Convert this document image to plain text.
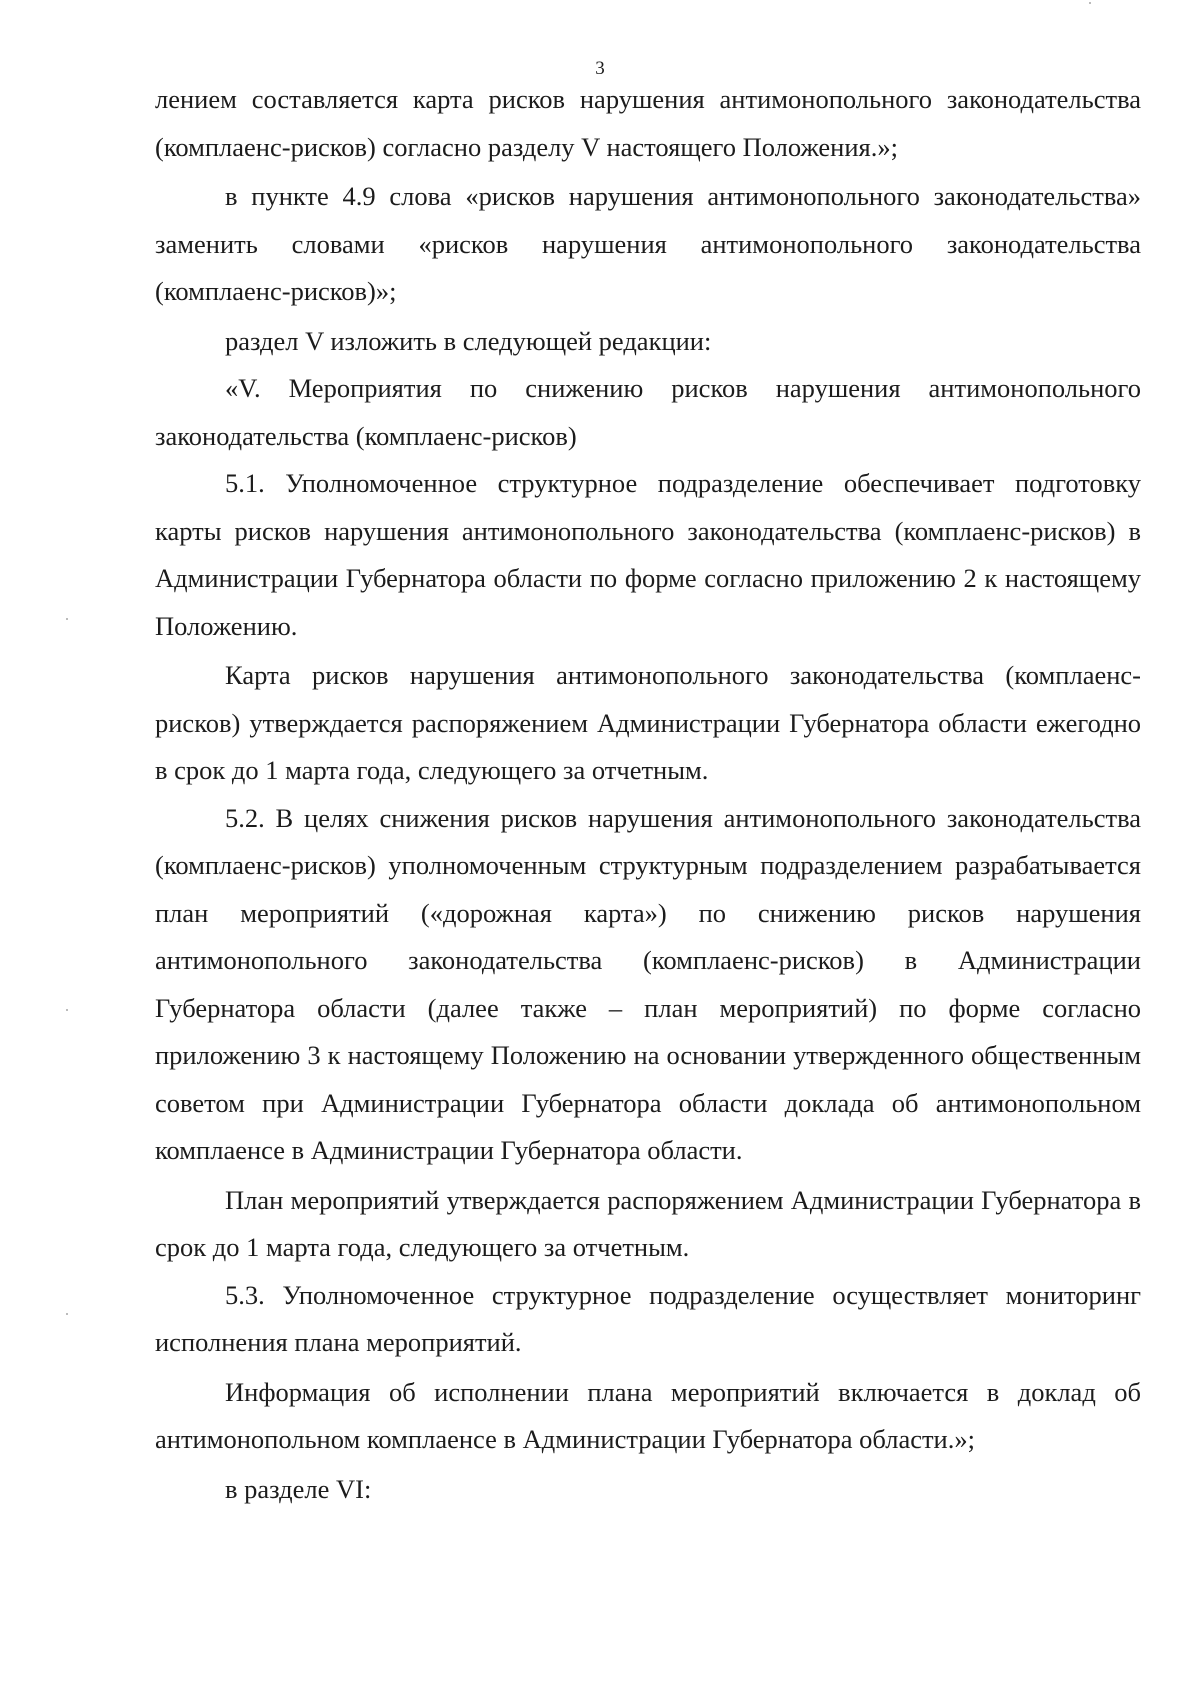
3

лением составляется карта рисков нарушения антимонопольного законодательства (комплаенс-рисков) согласно разделу V настоящего Положения.»;

в пункте 4.9 слова «рисков нарушения антимонопольного законодательства» заменить словами «рисков нарушения антимонопольного законодательства (комплаенс-рисков)»;

раздел V изложить в следующей редакции:

«V. Мероприятия по снижению рисков нарушения антимонопольного законодательства (комплаенс-рисков)

5.1. Уполномоченное структурное подразделение обеспечивает подготовку карты рисков нарушения антимонопольного законодательства (комплаенс-рисков) в Администрации Губернатора области по форме согласно приложению 2 к настоящему Положению.

Карта рисков нарушения антимонопольного законодательства (комплаенс-рисков) утверждается распоряжением Администрации Губернатора области ежегодно в срок до 1 марта года, следующего за отчетным.

5.2. В целях снижения рисков нарушения антимонопольного законодательства (комплаенс-рисков) уполномоченным структурным подразделением разрабатывается план мероприятий («дорожная карта») по снижению рисков нарушения антимонопольного законодательства (комплаенс-рисков) в Администрации Губернатора области (далее также – план мероприятий) по форме согласно приложению 3 к настоящему Положению на основании утвержденного общественным советом при Администрации Губернатора области доклада об антимонопольном комплаенсе в Администрации Губернатора области.

План мероприятий утверждается распоряжением Администрации Губернатора в срок до 1 марта года, следующего за отчетным.

5.3. Уполномоченное структурное подразделение осуществляет мониторинг исполнения плана мероприятий.

Информация об исполнении плана мероприятий включается в доклад об антимонопольном комплаенсе в Администрации Губернатора области.»;

в разделе VI:
